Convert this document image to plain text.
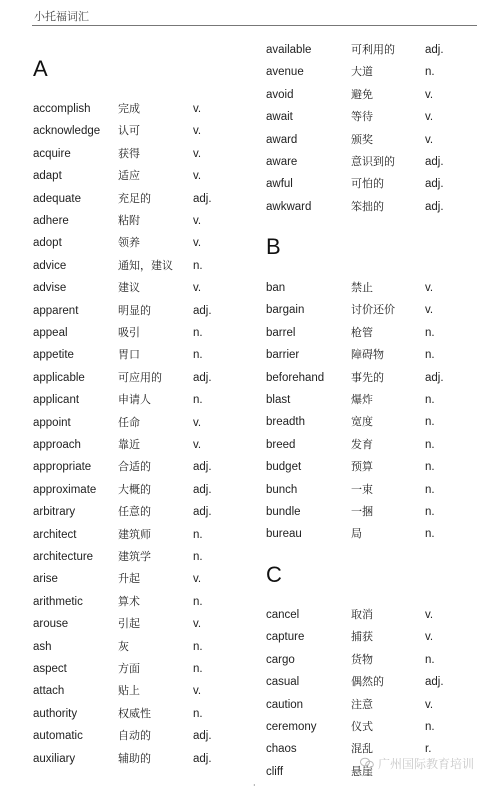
小托福词汇
A
accomplish 完成	v.
acknowledge 认可	v.
acquire	获得	v.
adapt	适应	v.
adequate	充足的	adj.
adhere	粘附	v.
adopt	领养	v.
advice	通知，建议 n.
advise	建议	v.
apparent	明显的	adj.
appeal	吸引	n.
appetite	胃口	n.
applicable	可应用的	adj.
applicant	申请人	n.
appoint	任命	v.
approach	靠近	v.
appropriate 合适的	adj.
approximate 大概的	adj.
arbitrary	任意的	adj.
architect	建筑师	n.
architecture 建筑学	n.
arise	升起	v.
arithmetic	算术	n.
arouse	引起	v.
ash	灰	n.
aspect	方面	n.
attach	贴上	v.
authority	权威性	n.
automatic	自动的	adj.
auxiliary	辅助的	adj.
available	可利用的	adj.
avenue	大道	n.
avoid	避免	v.
await	等待	v.
award	颁奖	v.
aware	意识到的	adj.
awful	可怕的	adj.
awkward	笨拙的	adj.
B
ban	禁止	v.
bargain	讨价还价	v.
barrel	枪管	n.
barrier	障碍物	n.
beforehand 事先的	adj.
blast	爆炸	n.
breadth	宽度	n.
breed	发育	n.
budget	预算	n.
bunch	一束	n.
bundle	一捆	n.
bureau	局	n.
C
cancel	取消	v.
capture	捕获	v.
cargo	货物	n.
casual	偶然的	adj.
caution	注意	v.
ceremony	仪式	n.
chaos	混乱	r.
cliff	悬崖
广州国际教育培训
·
